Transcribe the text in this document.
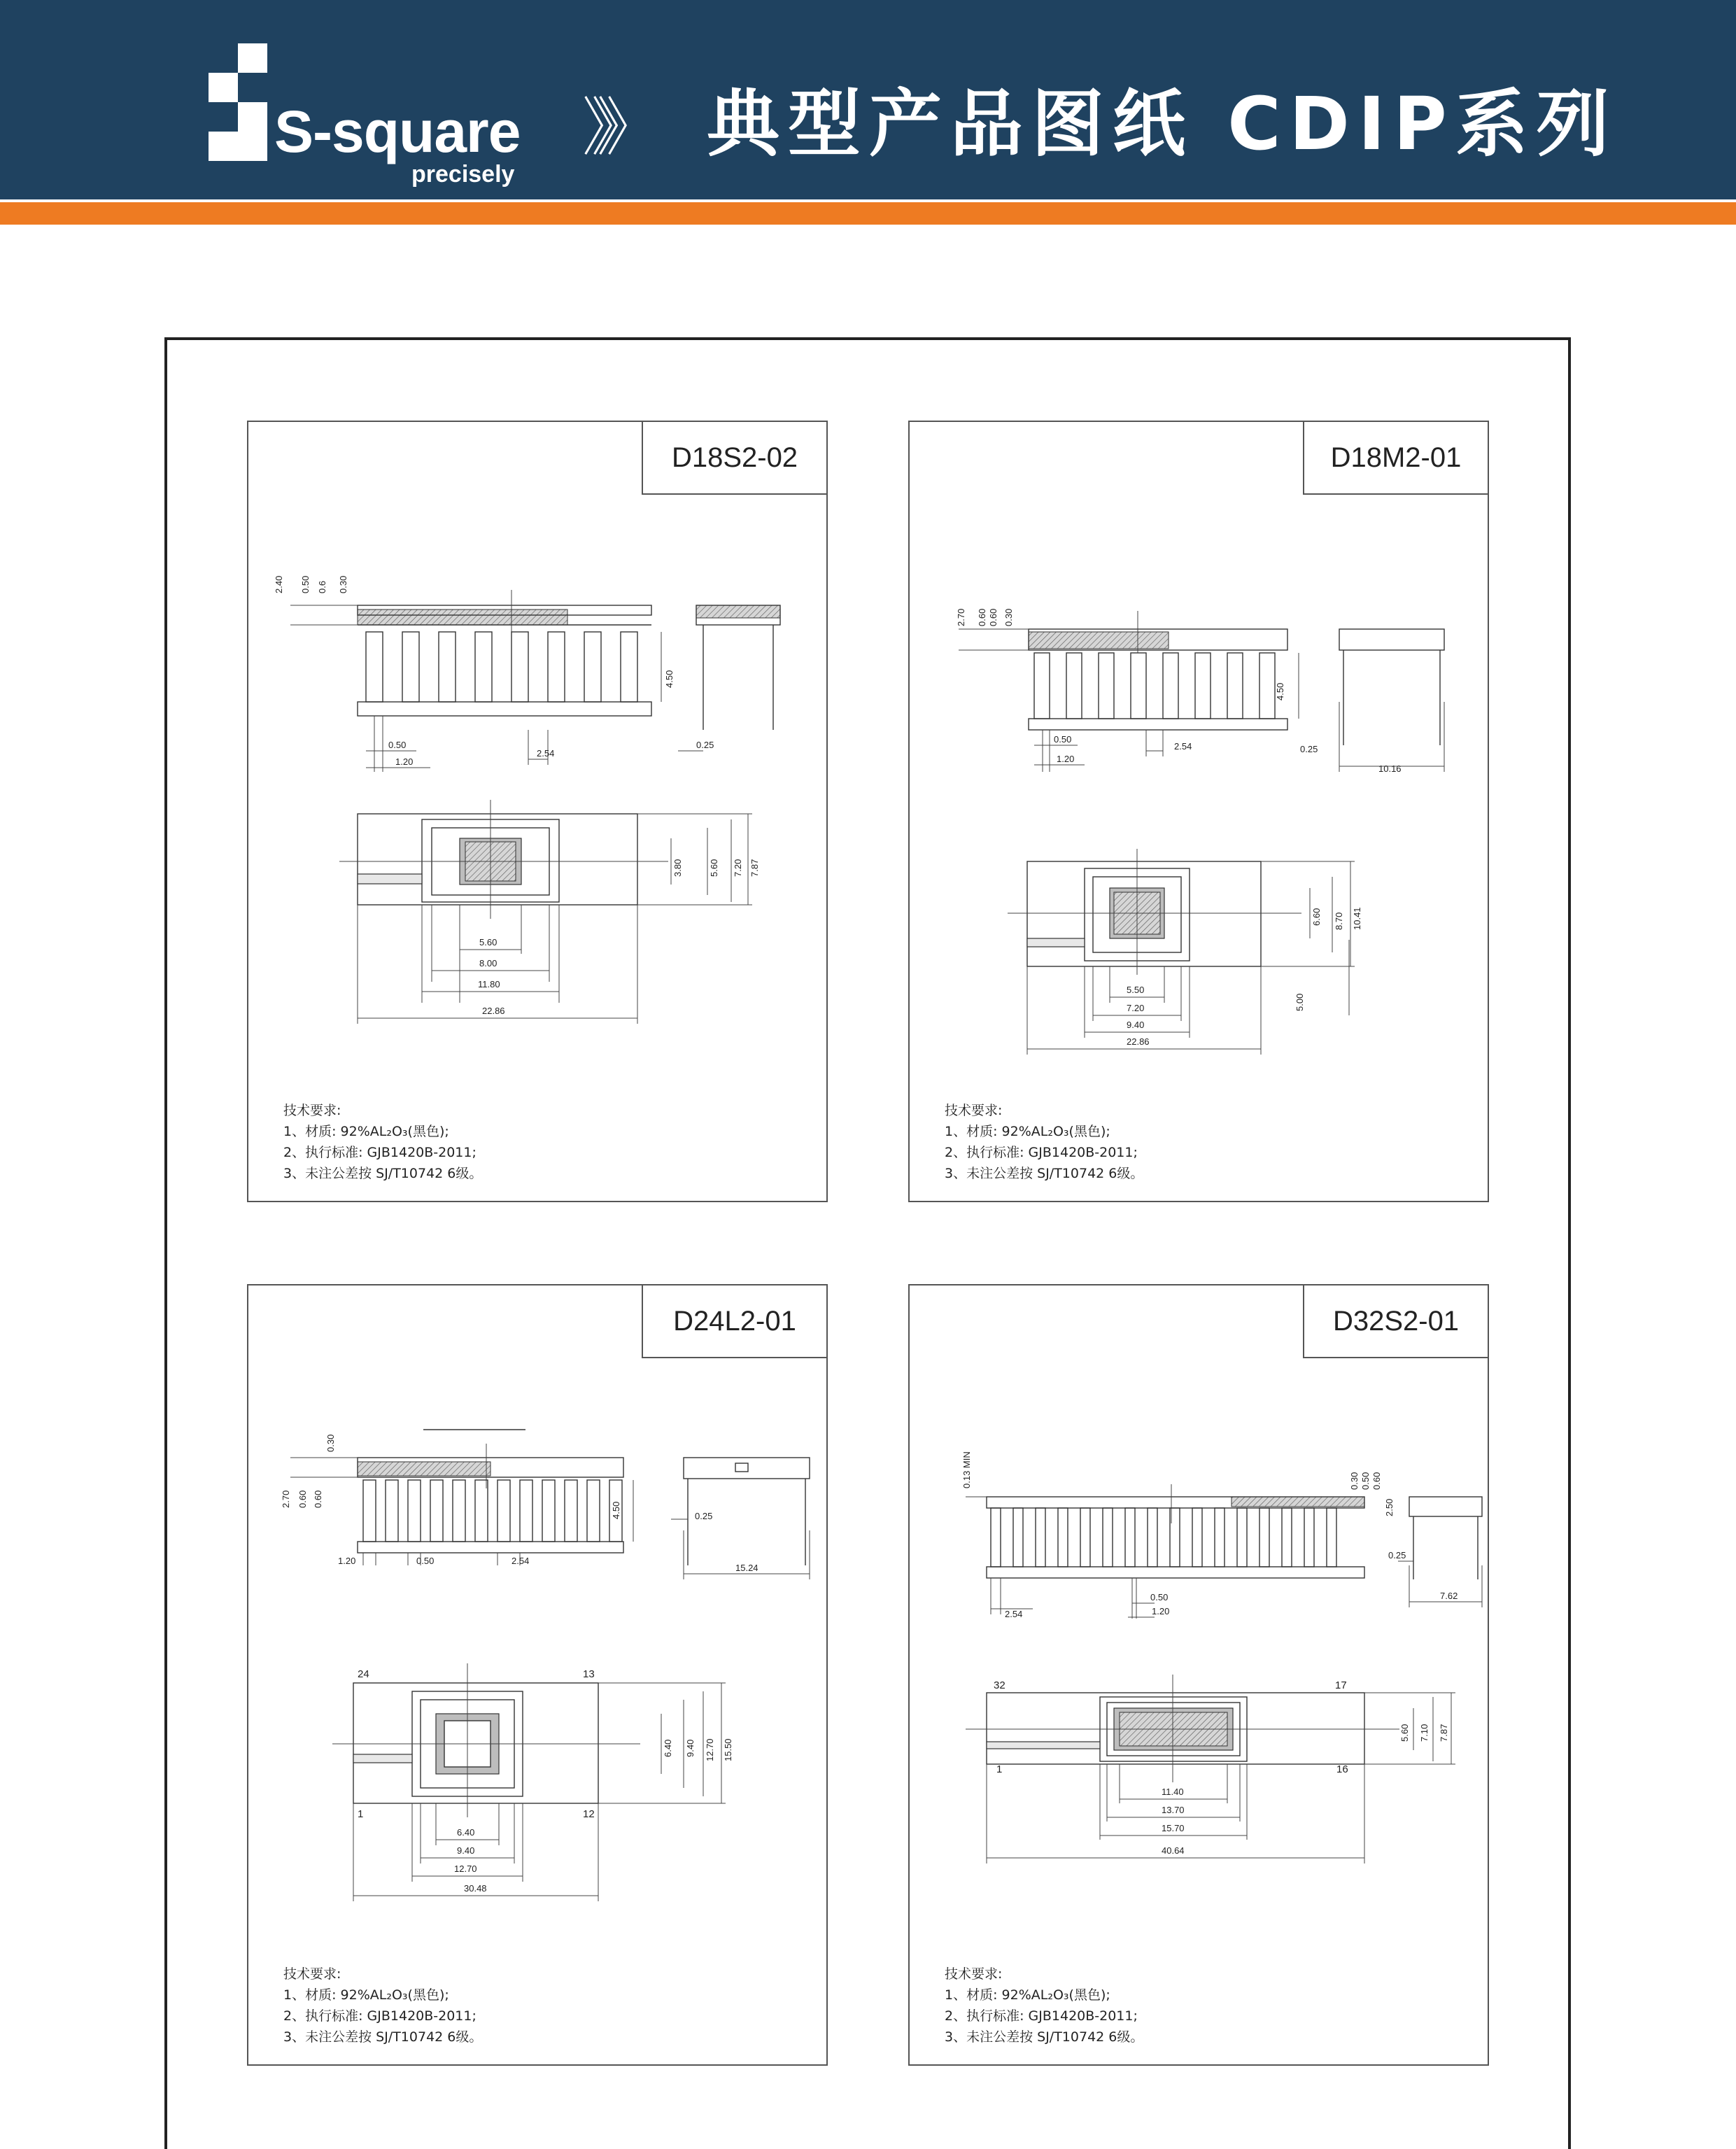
S-square
precisely
》》 典型产品图纸 CDIP系列
D18S2-02
0.50
1.20
2.54
4.50
2.40 0.50 0.6 0.30
0.25
3.80	5.60 7.20 7.87
5.60
8.00
11.80
22.86
技术要求:
1、材质: 92%AL₂O₃(黑色);
2、执行标准: GJB1420B-2011;
3、未注公差按 SJ/T10742 6级。
D18M2-01
0.50
1.20
2.54
4.50
2.70 0.60 0.60 0.30
0.25
10.16
6.60 8.70 10.41
5.00
5.50
7.20
9.40
22.86
技术要求:
1、材质: 92%AL₂O₃(黑色);
2、执行标准: GJB1420B-2011;
3、未注公差按 SJ/T10742 6级。
D24L2-01
1.20	0.50	2.54
4.50
0.30
2.70 0.60 0.60
0.25
15.24
24	13
1	12
6.40 9.40 12.70 15.50
6.40
9.40
12.70
30.48
技术要求:
1、材质: 92%AL₂O₃(黑色);
2、执行标准: GJB1420B-2011;
3、未注公差按 SJ/T10742 6级。
D32S2-01
2.54
0.50
1.20
0.13 MIN	0.30 0.50 0.60
2.50
0.25
7.62
32	17
1	16
5.60 7.10 7.87
11.40
13.70
15.70
40.64
技术要求:
1、材质: 92%AL₂O₃(黑色);
2、执行标准: GJB1420B-2011;
3、未注公差按 SJ/T10742 6级。
